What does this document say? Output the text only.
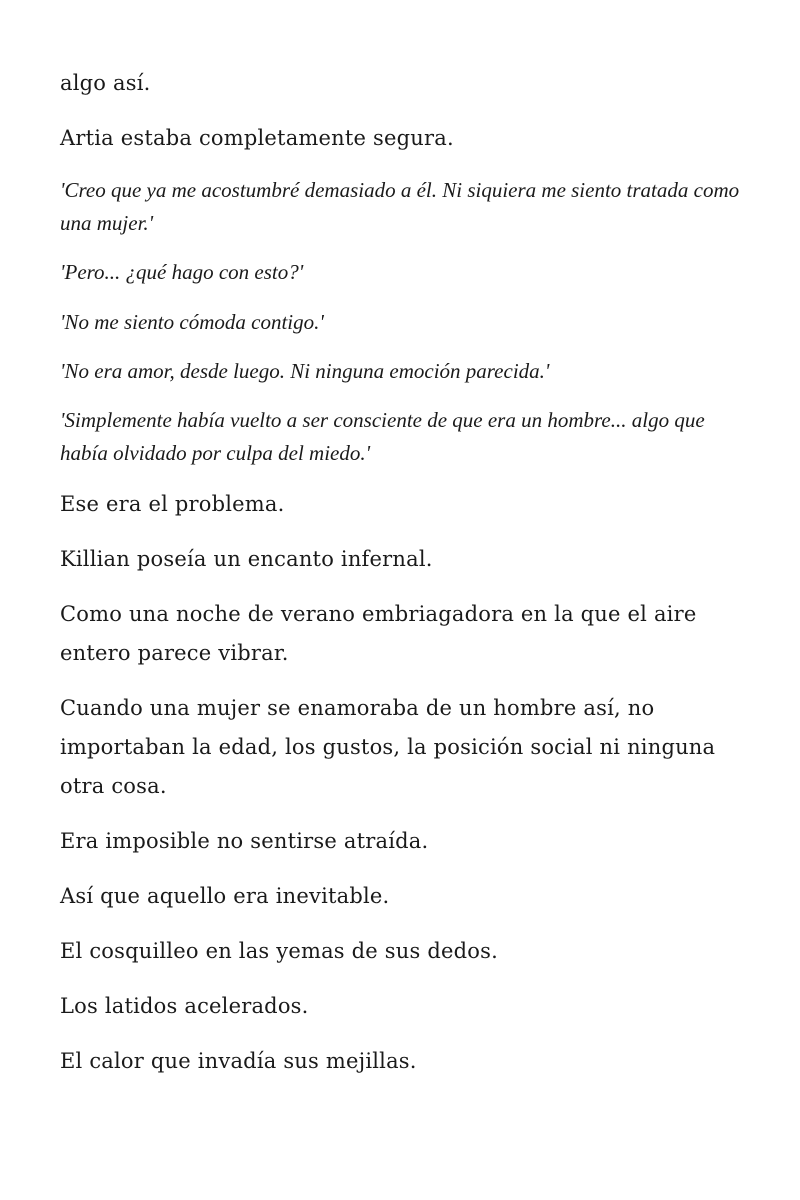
algo así.

Artia estaba completamente segura.

'Creo que ya me acostumbré demasiado a él. Ni siquiera me siento tratada como una mujer.'

'Pero... ¿qué hago con esto?'

'No me siento cómoda contigo.'

'No era amor, desde luego. Ni ninguna emoción parecida.'

'Simplemente había vuelto a ser consciente de que era un hombre... algo que había olvidado por culpa del miedo.'

Ese era el problema.

Killian poseía un encanto infernal.

Como una noche de verano embriagadora en la que el aire entero parece vibrar.

Cuando una mujer se enamoraba de un hombre así, no importaban la edad, los gustos, la posición social ni ninguna otra cosa.

Era imposible no sentirse atraída.

Así que aquello era inevitable.

El cosquilleo en las yemas de sus dedos.

Los latidos acelerados.

El calor que invadía sus mejillas.
